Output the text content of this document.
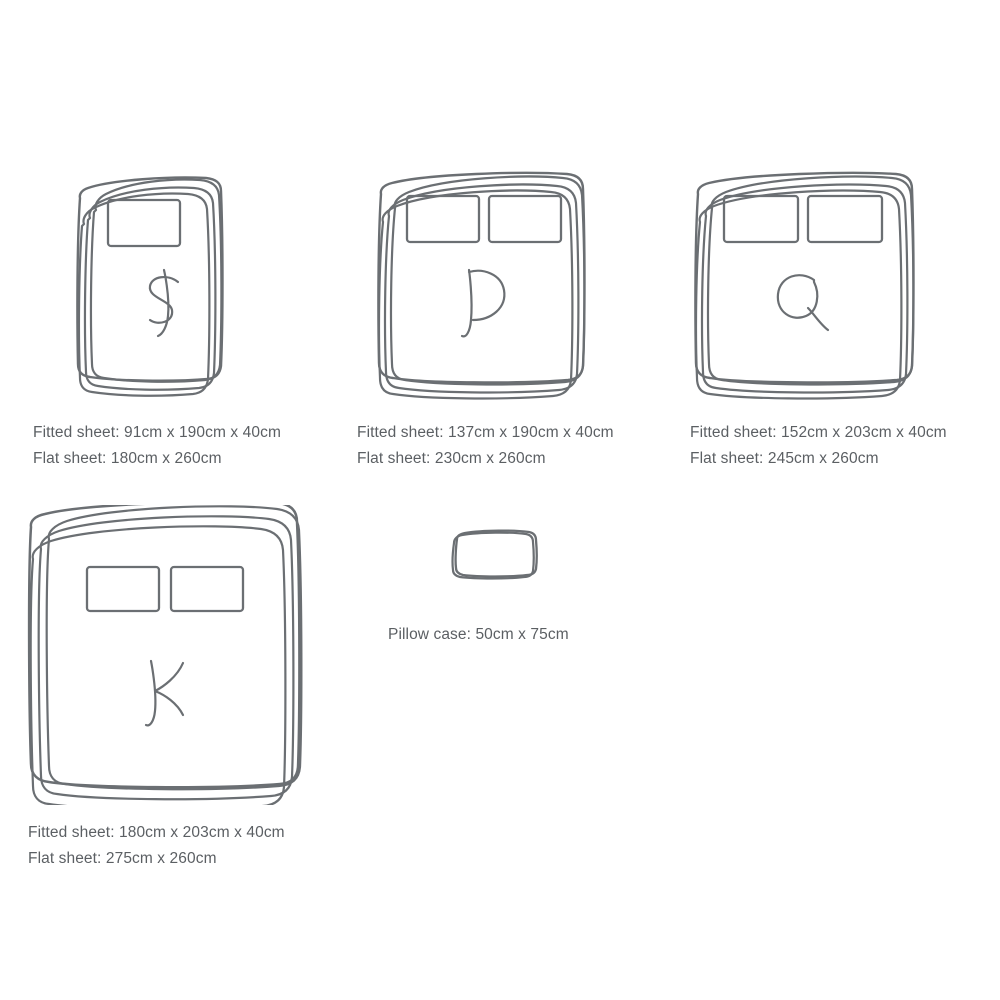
Fitted sheet: 91cm x 190cm x 40cm
Flat sheet: 180cm x 260cm
Fitted sheet: 137cm x 190cm x 40cm
Flat sheet: 230cm x 260cm
Fitted sheet: 152cm x 203cm x 40cm
Flat sheet: 245cm x 260cm
Fitted sheet: 180cm x 203cm x 40cm
Flat sheet: 275cm x 260cm
Pillow case: 50cm x 75cm
